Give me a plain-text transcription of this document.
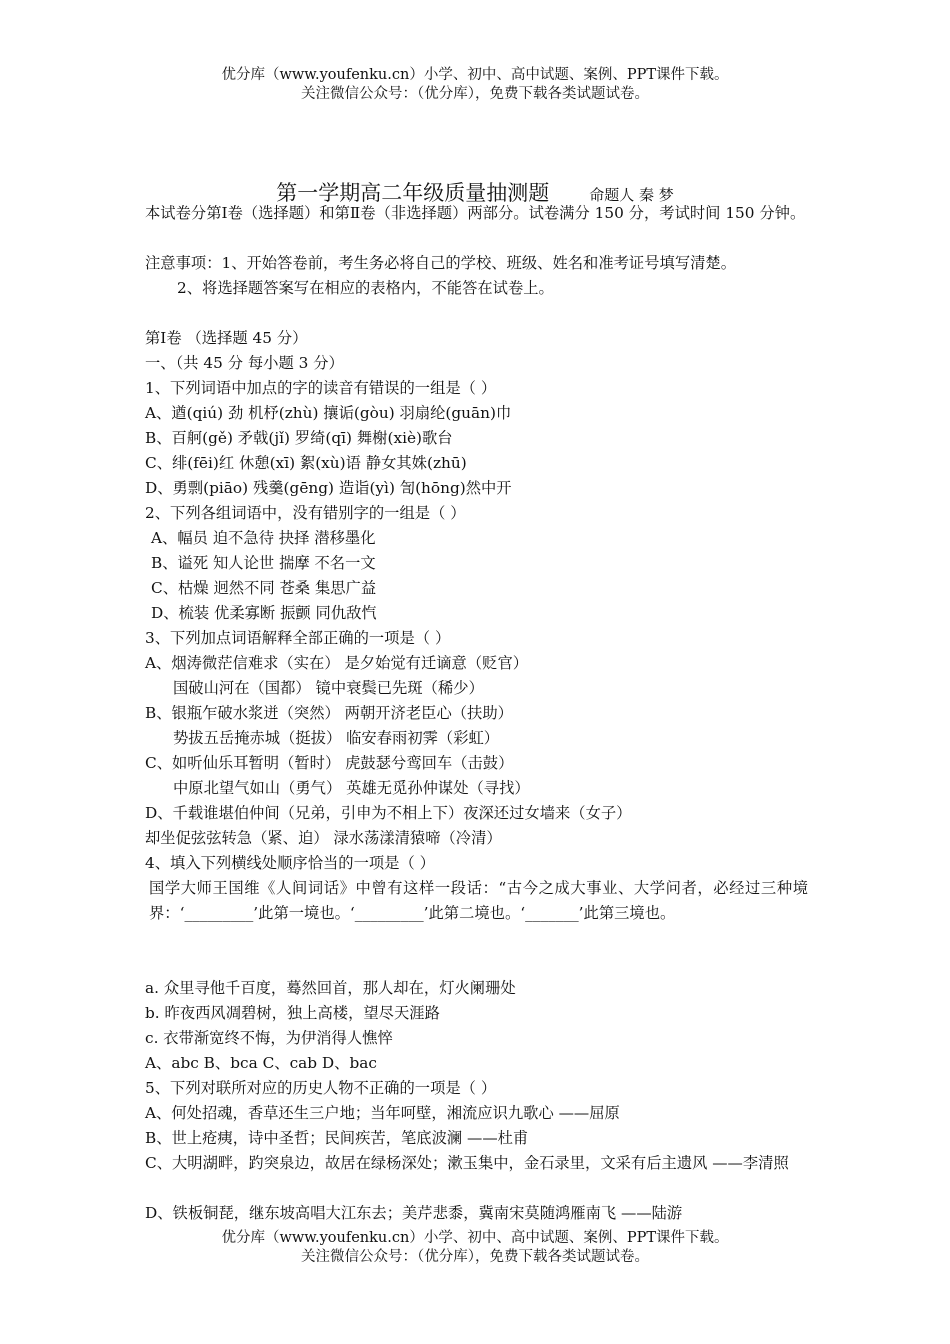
优分库（www.youfenku.cn）小学、初中、高中试题、案例、PPT课件下载。

关注微信公众号：（优分库），免费下载各类试题试卷。

第一学期高二年级质量抽测题	命题人 秦 梦
本试卷分第Ⅰ卷（选择题）和第Ⅱ卷（非选择题）两部分。试卷满分 150 分，考试时间 150 分钟。
注意事项：1、开始答卷前，考生务必将自己的学校、班级、姓名和准考证号填写清楚。
2、将选择题答案写在相应的表格内，不能答在试卷上。
第Ⅰ卷 （选择题 45 分）
一、（共 45 分 每小题 3 分）
1、下列词语中加点的字的读音有错误的一组是（ ）
A、遒(qiú) 劲 机杼(zhù) 攘诟(gòu) 羽扇纶(guān)巾
B、百舸(gě) 矛戟(jǐ) 罗绮(qī) 舞榭(xiè)歌台
C、绯(fēi)红 休憩(xī) 絮(xù)语 静女其姝(zhū)
D、勇剽(piāo) 残羹(gēng) 造诣(yì) 訇(hōng)然中开
2、下列各组词语中，没有错别字的一组是（ ）
A、幅员 迫不急待 抉择 潜移墨化
B、谥死 知人论世 揣摩 不名一文
C、枯燥 迥然不同 苍桑 集思广益
D、梳装 优柔寡断 振颤 同仇敌忾
3、下列加点词语解释全部正确的一项是（ ）
A、烟涛微茫信难求（实在） 是夕始觉有迁谪意（贬官）
国破山河在（国都） 镜中衰鬓已先斑（稀少）
B、银瓶乍破水浆迸（突然） 两朝开济老臣心（扶助）
势拔五岳掩赤城（挺拔） 临安春雨初霁（彩虹）
C、如听仙乐耳暂明（暂时） 虎鼓瑟兮鸾回车（击鼓）
中原北望气如山（勇气） 英雄无觅孙仲谋处（寻找）
D、千载谁堪伯仲间（兄弟，引申为不相上下）夜深还过女墙来（女子）
却坐促弦弦转急（紧、迫） 渌水荡漾清猿啼（冷清）
4、填入下列横线处顺序恰当的一项是（ ）
国学大师王国维《人间词话》中曾有这样一段话：“古今之成大事业、大学问者，必经过三种境界：‘_________’此第一境也。‘_________’此第二境也。‘_______’此第三境也。
a. 众里寻他千百度，蓦然回首，那人却在，灯火阑珊处
b. 昨夜西风凋碧树，独上高楼，望尽天涯路
c. 衣带渐宽终不悔，为伊消得人憔悴
A、abc B、bca C、cab D、bac
5、下列对联所对应的历史人物不正确的一项是（ ）
A、何处招魂，香草还生三户地；当年呵壁，湘流应识九歌心 ——屈原
B、世上疮痍，诗中圣哲；民间疾苦，笔底波澜 ——杜甫
C、大明湖畔，趵突泉边，故居在绿杨深处；漱玉集中，金石录里，文采有后主遗风 ——李清照
D、铁板铜琵，继东坡高唱大江东去；美芹悲黍，冀南宋莫随鸿雁南飞 ——陆游

优分库（www.youfenku.cn）小学、初中、高中试题、案例、PPT课件下载。

关注微信公众号：（优分库），免费下载各类试题试卷。
